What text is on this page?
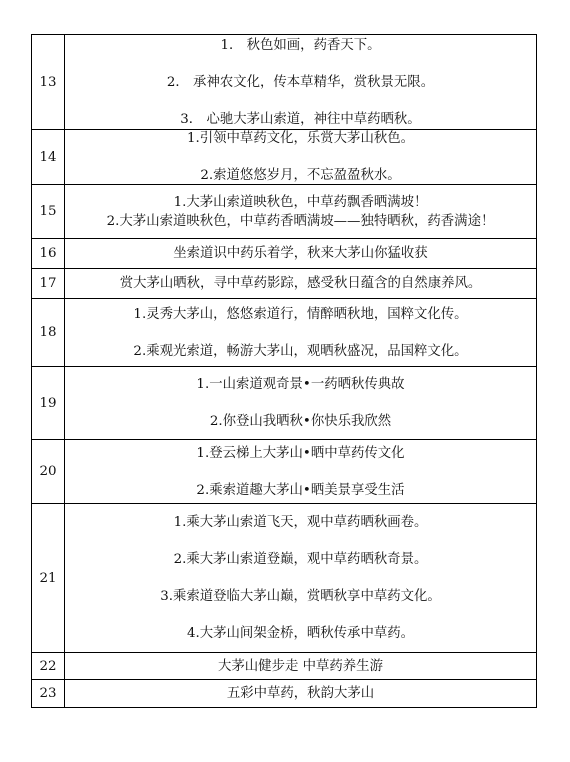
13	1． 秋色如画，药香天下。
2． 承神农文化，传本草精华，赏秋景无限。
3． 心驰大茅山索道，神往中草药晒秋。

14	1.引领中草药文化，乐赏大茅山秋色。
2.索道悠悠岁月，不忘盈盈秋水。

15	1.大茅山索道映秋色，中草药飘香晒满坡！
2.大茅山索道映秋色，中草药香晒满坡——独特晒秋，药香满途！

16	坐索道识中药乐着学，秋来大茅山你猛收获

17	赏大茅山晒秋，寻中草药影踪，感受秋日蕴含的自然康养风。

18	1.灵秀大茅山，悠悠索道行，情醉晒秋地，国粹文化传。
2.乘观光索道，畅游大茅山，观晒秋盛况，品国粹文化。

19	1.一山索道观奇景•一药晒秋传典故
2.你登山我晒秋•你快乐我欣然

20	1.登云梯上大茅山•晒中草药传文化
2.乘索道趣大茅山•晒美景享受生活

21	1.乘大茅山索道飞天，观中草药晒秋画卷。
2.乘大茅山索道登巅，观中草药晒秋奇景。
3.乘索道登临大茅山巅，赏晒秋享中草药文化。
4.大茅山间架金桥，晒秋传承中草药。

22	大茅山健步走 中草药养生游

23	五彩中草药，秋韵大茅山
